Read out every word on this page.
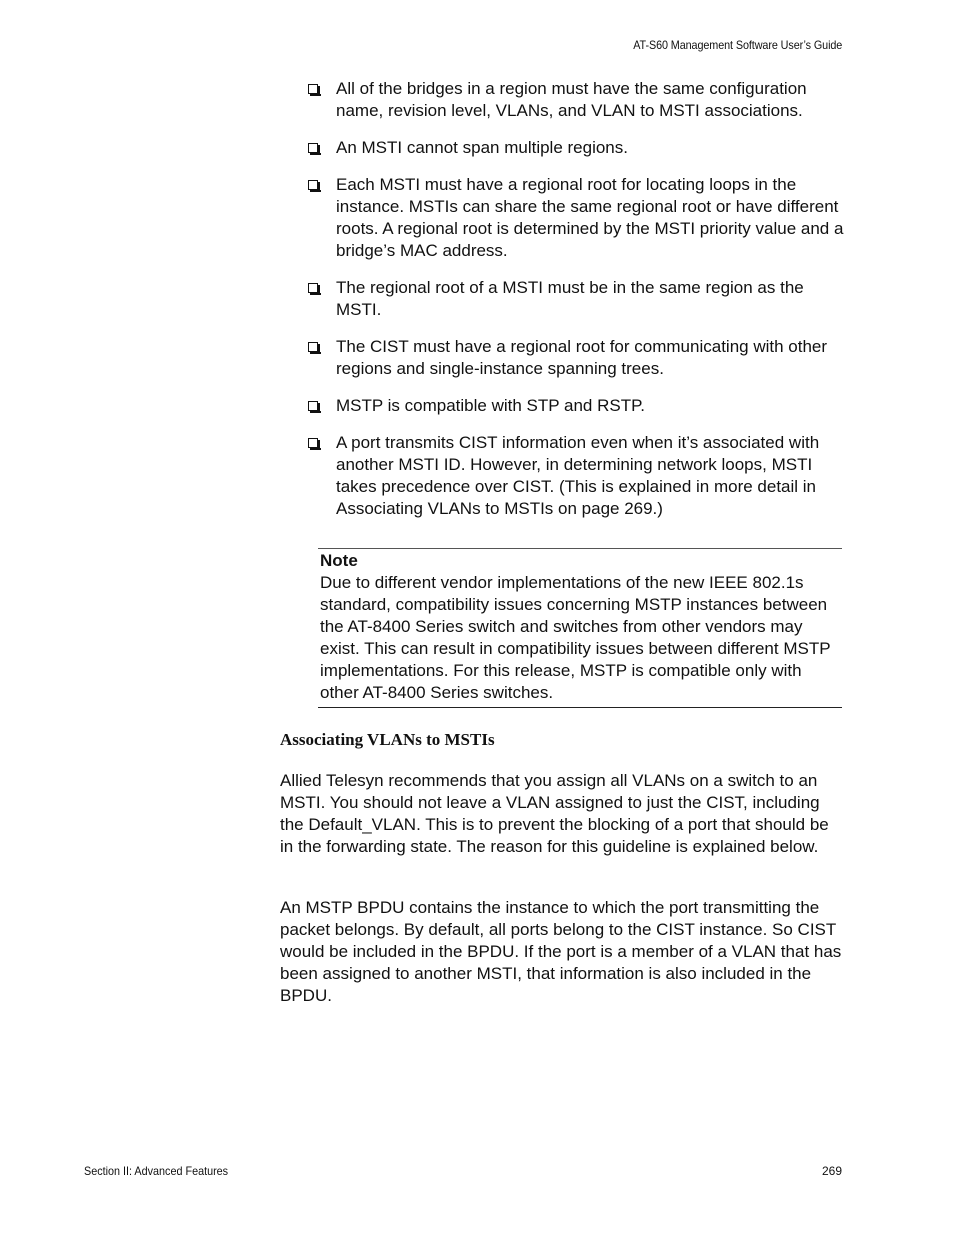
AT-S60 Management Software User’s Guide
All of the bridges in a region must have the same configuration name, revision level, VLANs, and VLAN to MSTI associations.
An MSTI cannot span multiple regions.
Each MSTI must have a regional root for locating loops in the instance. MSTIs can share the same regional root or have different roots. A regional root is determined by the MSTI priority value and a bridge’s MAC address.
The regional root of a MSTI must be in the same region as the MSTI.
The CIST must have a regional root for communicating with other regions and single-instance spanning trees.
MSTP is compatible with STP and RSTP.
A port transmits CIST information even when it’s associated with another MSTI ID. However, in determining network loops, MSTI takes precedence over CIST. (This is explained in more detail in Associating VLANs to MSTIs on page 269.)
Note
Due to different vendor implementations of the new IEEE 802.1s standard, compatibility issues concerning MSTP instances between the AT-8400 Series switch and switches from other vendors may exist. This can result in compatibility issues between different MSTP implementations. For this release, MSTP is compatible only with other AT-8400 Series switches.
Associating VLANs to MSTIs

Allied Telesyn recommends that you assign all VLANs on a switch to an MSTI. You should not leave a VLAN assigned to just the CIST, including the Default_VLAN. This is to prevent the blocking of a port that should be in the forwarding state. The reason for this guideline is explained below.

An MSTP BPDU contains the instance to which the port transmitting the packet belongs. By default, all ports belong to the CIST instance. So CIST would be included in the BPDU. If the port is a member of a VLAN that has been assigned to another MSTI, that information is also included in the BPDU.

Section II: Advanced Features	269
